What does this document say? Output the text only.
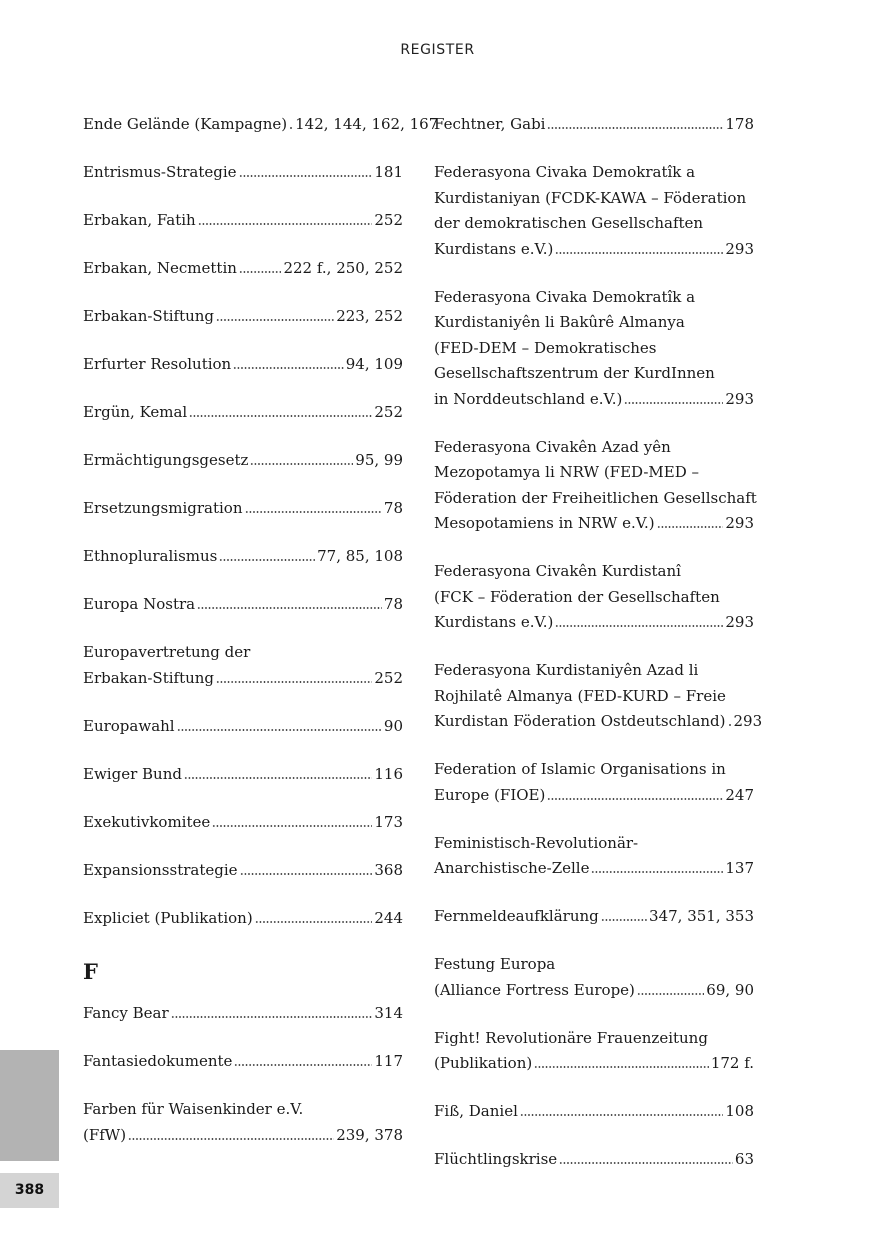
REGISTER
Ende Gelände (Kampagne) 142, 144, 162, 167
Entrismus-Strategie	181
Erbakan, Fatih	252
Erbakan, Necmettin	222 f., 250, 252
Erbakan-Stiftung	223, 252
Erfurter Resolution	94, 109
Ergün, Kemal	252
Ermächtigungsgesetz	95, 99
Ersetzungsmigration	78
Ethnopluralismus	77, 85, 108
Europa Nostra	78
Europavertretung der
Erbakan-Stiftung	252
Europawahl	90
Ewiger Bund	116
Exekutivkomitee	173
Expansionsstrategie	368
Expliciet (Publikation)	244
F
Fancy Bear	314
Fantasiedokumente	117
Farben für Waisenkinder e.V.
(FfW)	239, 378
Fechtner, Gabi	178
Federasyona Civaka Demokratîk a
Kurdistaniyan (FCDK-KAWA – Föderation
der demokratischen Gesellschaften
Kurdistans e.V.)	293
Federasyona Civaka Demokratîk a
Kurdistaniyên li Bakûrê Almanya
(FED-DEM – Demokratisches
Gesellschaftszentrum der KurdInnen
in Norddeutschland e.V.)	293
Federasyona Civakên Azad yên
Mezopotamya li NRW (FED-MED –
Föderation der Freiheitlichen Gesellschaft
Mesopotamiens in NRW e.V.)	293
Federasyona Civakên Kurdistanî
(FCK – Föderation der Gesellschaften
Kurdistans e.V.)	293
Federasyona Kurdistaniyên Azad li
Rojhilatê Almanya (FED-KURD – Freie
Kurdistan Föderation Ostdeutschland) 293
Federation of Islamic Organisations in
Europe (FIOE)	247
Feministisch-Revolutionär-
Anarchistische-Zelle	137
Fernmeldeaufklärung	347, 351, 353
Festung Europa
(Alliance Fortress Europe)	69, 90
Fight! Revolutionäre Frauenzeitung
(Publikation)	172 f.
Fiß, Daniel	108
Flüchtlingskrise	63
388
